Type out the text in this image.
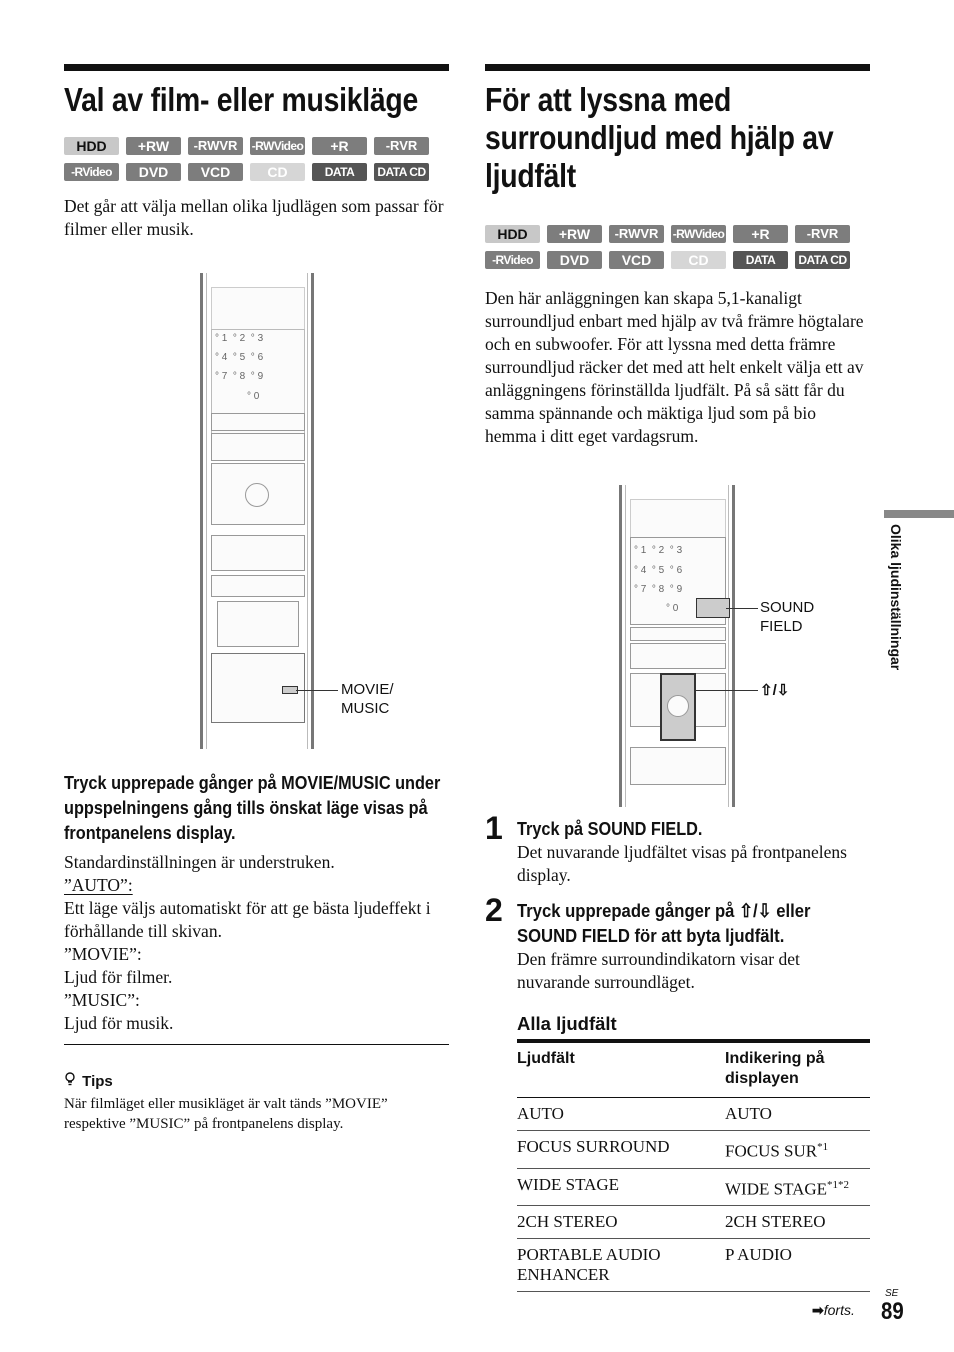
Val av film- eller musikläge
HDD	+RW	-RWVR	-RWVideo	+R	-RVR
-RVideo	DVD	VCD	CD	DATA DVD
DATA CD
Det går att välja mellan olika ljudlägen som passar för filmer eller musik.
° 1  ° 2  ° 3
° 4  ° 5  ° 6
° 7  ° 8  ° 9
° 0
MOVIE/
MUSIC
Tryck upprepade gånger på MOVIE/MUSIC under uppspelningens gång tills önskat läge visas på frontpanelens display.
Standardinställningen är understruken.
”AUTO”:
Ett läge väljs automatiskt för att ge bästa ljudeffekt i förhållande till skivan.
”MOVIE”:
Ljud för filmer.
”MUSIC”:
Ljud för musik.
Tips
När filmläget eller musikläget är valt tänds ”MOVIE” respektive ”MUSIC” på frontpanelens display.
För att lyssna med
surroundljud med hjälp av
ljudfält
HDD	+RW	-RWVR	-RWVideo	+R	-RVR
-RVideo	DVD	VCD	CD	DATA DVD
DATA CD
Den här anläggningen kan skapa 5,1-kanaligt surroundljud enbart med hjälp av två främre högtalare och en subwoofer. För att lyssna med detta främre surroundljud räcker det med att helt enkelt välja ett av anläggningens förinställda ljudfält. På så sätt får du samma spännande och mäktiga ljud som på bio hemma i ditt eget vardagsrum.
° 1  ° 2  ° 3
° 4  ° 5  ° 6
° 7  ° 8  ° 9
° 0	SOUND
FIELD
⇧/⇩
1 Tryck på SOUND FIELD.
Det nuvarande ljudfältet visas på frontpanelens display.
2 Tryck upprepade gånger på ⇧/⇩ eller SOUND FIELD för att byta ljudfält.
Den främre surroundindikatorn visar det nuvarande surroundläget.
Alla ljudfält
Ljudfält	Indikering på displayen
AUTO	AUTO
FOCUS SURROUND	FOCUS SUR$^{*1}$
WIDE STAGE	WIDE $STAGE^{*1*2}$
2CH STEREO	2CH STEREO
PORTABLE AUDIO ENHANCER	P AUDIO
Olika ljudinställningar
➡forts.
SE
89
